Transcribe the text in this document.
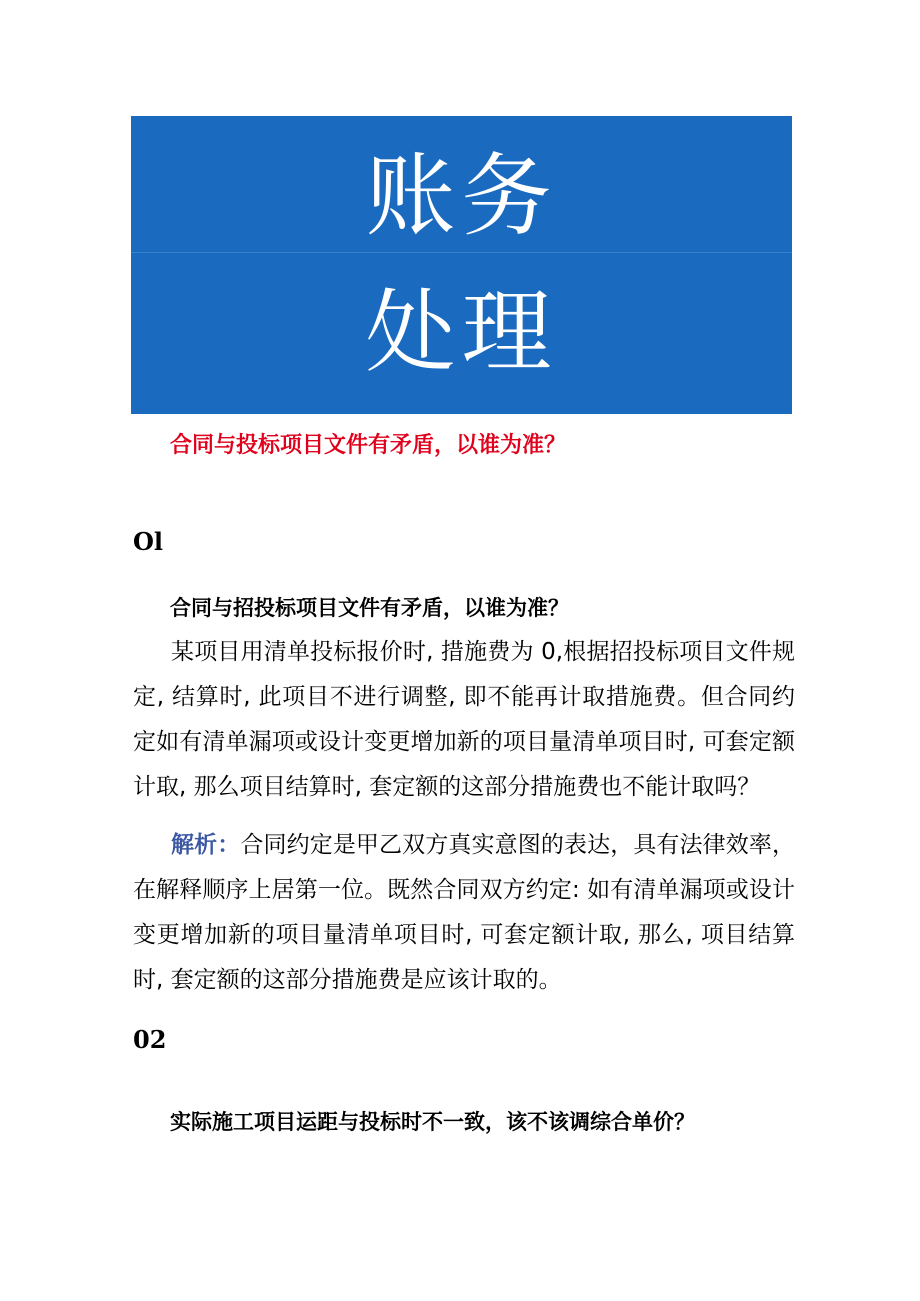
账务
处理
合同与投标项目文件有矛盾，以谁为准？
Ol
合同与招投标项目文件有矛盾，以谁为准？
某项目用清单投标报价时, 措施费为 0,根据招投标项目文件规定, 结算时, 此项目不进行调整, 即不能再计取措施费。但合同约定如有清单漏项或设计变更增加新的项目量清单项目时, 可套定额计取, 那么项目结算时, 套定额的这部分措施费也不能计取吗？
解析：合同约定是甲乙双方真实意图的表达，具有法律效率，在解释顺序上居第一位。既然合同双方约定: 如有清单漏项或设计变更增加新的项目量清单项目时, 可套定额计取, 那么, 项目结算时, 套定额的这部分措施费是应该计取的。
02
实际施工项目运距与投标时不一致，该不该调综合单价？
